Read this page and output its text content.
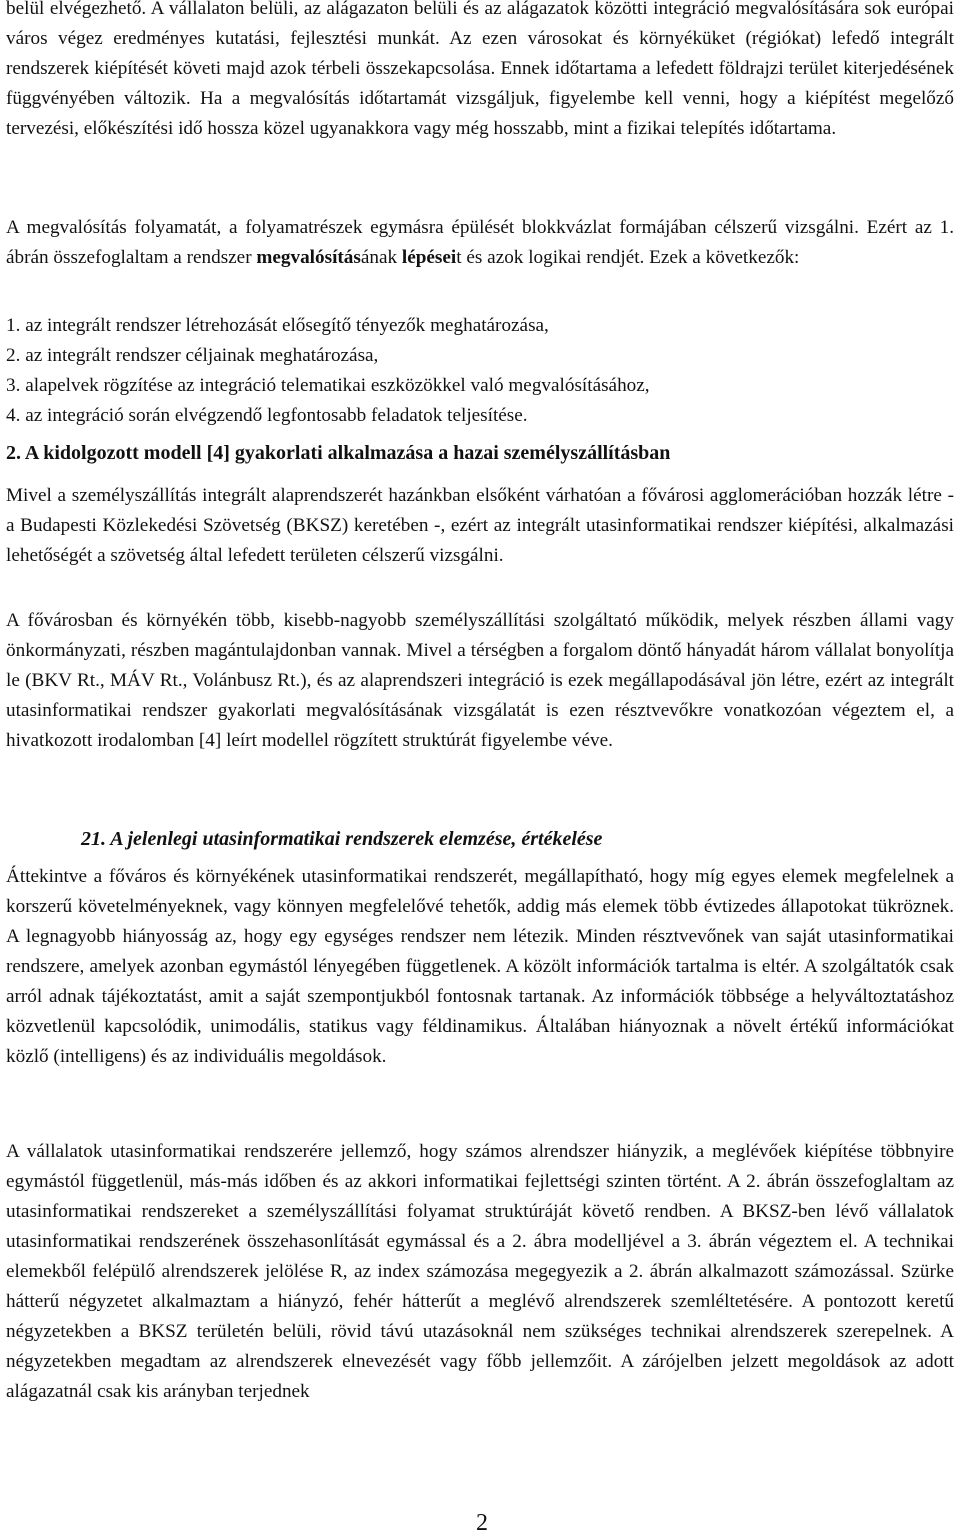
belül elvégezhető. A vállalaton belüli, az alágazaton belüli és az alágazatok közötti integráció megvalósítására sok európai város végez eredményes kutatási, fejlesztési munkát. Az ezen városokat és környéküket (régiókat) lefedő integrált rendszerek kiépítését követi majd azok térbeli összekapcsolása. Ennek időtartama a lefedett földrajzi terület kiterjedésének függvényében változik. Ha a megvalósítás időtartamát vizsgáljuk, figyelembe kell venni, hogy a kiépítést megelőző tervezési, előkészítési idő hossza közel ugyanakkora vagy még hosszabb, mint a fizikai telepítés időtartama.

A megvalósítás folyamatát, a folyamatrészek egymásra épülését blokkvázlat formájában célszerű vizsgálni. Ezért az 1. ábrán összefoglaltam a rendszer megvalósításának lépéseit és azok logikai rendjét. Ezek a következők:

1. az integrált rendszer létrehozását elősegítő tényezők meghatározása,
2. az integrált rendszer céljainak meghatározása,
3. alapelvek rögzítése az integráció telematikai eszközökkel való megvalósításához,
4. az integráció során elvégzendő legfontosabb feladatok teljesítése.
2. A kidolgozott modell [4] gyakorlati alkalmazása a hazai személyszállításban

Mivel a személyszállítás integrált alaprendszerét hazánkban elsőként várhatóan a fővárosi agglomerációban hozzák létre - a Budapesti Közlekedési Szövetség (BKSZ) keretében -, ezért az integrált utasinformatikai rendszer kiépítési, alkalmazási lehetőségét a szövetség által lefedett területen célszerű vizsgálni.

A fővárosban és környékén több, kisebb-nagyobb személyszállítási szolgáltató működik, melyek részben állami vagy önkormányzati, részben magántulajdonban vannak. Mivel a térségben a forgalom döntő hányadát három vállalat bonyolítja le (BKV Rt., MÁV Rt., Volánbusz Rt.), és az alaprendszeri integráció is ezek megállapodásával jön létre, ezért az integrált utasinformatikai rendszer gyakorlati megvalósításának vizsgálatát is ezen résztvevőkre vonatkozóan végeztem el, a hivatkozott irodalomban [4] leírt modellel rögzített struktúrát figyelembe véve.

21. A jelenlegi utasinformatikai rendszerek elemzése, értékelése

Áttekintve a főváros és környékének utasinformatikai rendszerét, megállapítható, hogy míg egyes elemek megfelelnek a korszerű követelményeknek, vagy könnyen megfelelővé tehetők, addig más elemek több évtizedes állapotokat tükröznek. A legnagyobb hiányosság az, hogy egy egységes rendszer nem létezik. Minden résztvevőnek van saját utasinformatikai rendszere, amelyek azonban egymástól lényegében függetlenek. A közölt információk tartalma is eltér. A szolgáltatók csak arról adnak tájékoztatást, amit a saját szempontjukból fontosnak tartanak. Az információk többsége a helyváltoztatáshoz közvetlenül kapcsolódik, unimodális, statikus vagy féldinamikus. Általában hiányoznak a növelt értékű információkat közlő (intelligens) és az individuális megoldások.

A vállalatok utasinformatikai rendszerére jellemző, hogy számos alrendszer hiányzik, a meglévőek kiépítése többnyire egymástól függetlenül, más-más időben és az akkori informatikai fejlettségi szinten történt. A 2. ábrán összefoglaltam az utasinformatikai rendszereket a személyszállítási folyamat struktúráját követő rendben. A BKSZ-ben lévő vállalatok utasinformatikai rendszerének összehasonlítását egymással és a 2. ábra modelljével a 3. ábrán végeztem el. A technikai elemekből felépülő alrendszerek jelölése R, az index számozása megegyezik a 2. ábrán alkalmazott számozással. Szürke hátterű négyzetet alkalmaztam a hiányzó, fehér hátterűt a meglévő alrendszerek szemléltetésére. A pontozott keretű négyzetekben a BKSZ területén belüli, rövid távú utazásoknál nem szükséges technikai alrendszerek szerepelnek. A négyzetekben megadtam az alrendszerek elnevezését vagy főbb jellemzőit. A zárójelben jelzett megoldások az adott alágazatnál csak kis arányban terjednek

2
